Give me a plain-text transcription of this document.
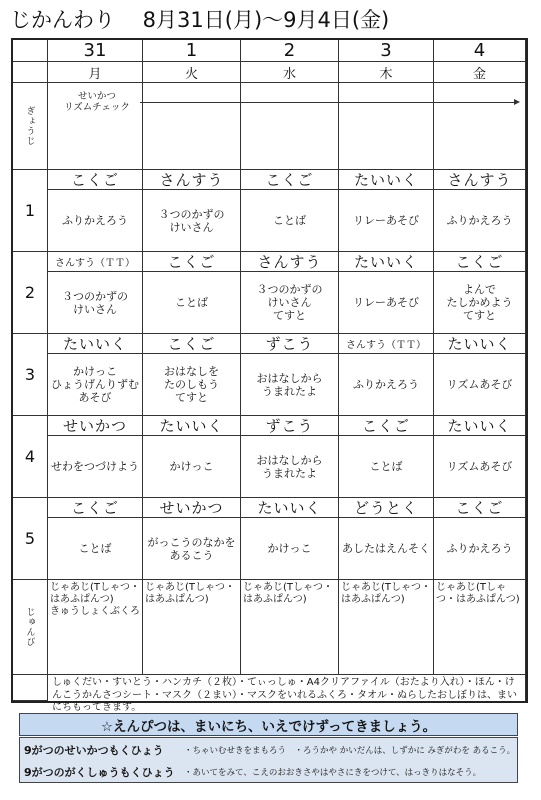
じかんわり　 8月31日(月)～9月4日(金)
31
月
1
火
2
水
3
木
4
金
ぎょうじ
1
こくご
ふりかえろう
さんすう
３つのかずの
けいさん
こくご
ことば
たいいく
リレーあそび
さんすう
ふりかえろう
2
さんすう（ＴＴ）
３つのかずの
けいさん
こくご
ことば
さんすう
３つのかずの
けいさん
てすと
たいいく
リレーあそび
こくご
よんで
たしかめよう
てすと
3
たいいく
かけっこ
ひょうげんりずむ
あそび
こくご
おはなしを
たのしもう
てすと
ずこう
おはなしから
うまれたよ
さんすう（ＴＴ）
ふりかえろう
たいいく
リズムあそび
4
せいかつ
せわをつづけよう
たいいく
かけっこ
ずこう
おはなしから
うまれたよ
こくご
ことば
たいいく
リズムあそび
5
こくご
ことば
せいかつ
がっこうのなかを
あるこう
たいいく
かけっこ
どうとく
あしたはえんそく
こくご
ふりかえろう
じゅんび
じゃあじ(Tしゃつ・はあふぱんつ)
きゅうしょくぶくろ
じゃあじ(Tしゃつ・はあふぱんつ)
じゃあじ(Tしゃつ・はあふぱんつ)
じゃあじ(Tしゃつ・はあふぱんつ)
じゃあじ(Tしゃつ・はあふぱんつ)
しゅくだい・すいとう・ハンカチ（２枚）・てぃっしゅ・A4クリアファイル（おたより入れ）・ほん・けんこうかんさつシート・マスク（２まい）・マスクをいれるふくろ・タオル・ぬらしたおしぼりは、まいにちもってきます。
☆えんぴつは、まいにち、いえでけずってきましょう。
9がつのせいかつもくひょう	・ちゃいむせきをまもろう　・ろうかや かいだんは、しずかに みぎがわを あるこう。
9がつのがくしゅうもくひょう	・あいてをみて、こえのおおきさやはやさにきをつけて、はっきりはなそう。
せいかつ
リズムチェック
